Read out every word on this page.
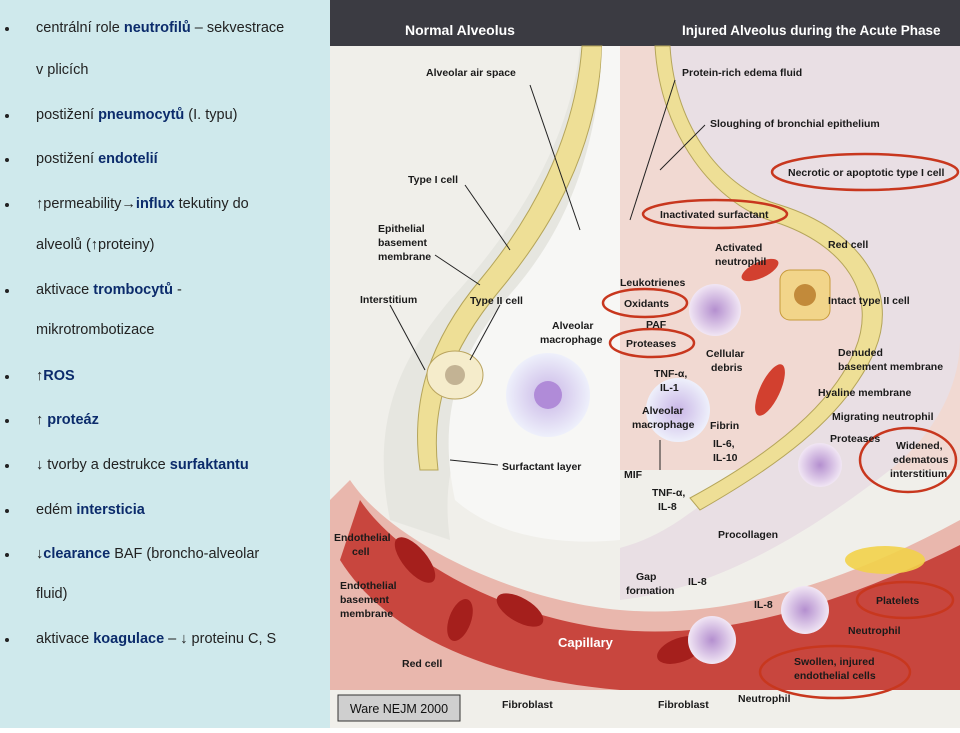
centrální role neutrofilů – sekvestrace
v plicích
postižení pneumocytů (I. typu)
postižení endotelií
↑permeability→influx tekutiny do
alveolů (↑proteiny)
aktivace trombocytů -
mikrotrombotizace
↑ROS
↑ proteáz
↓ tvorby a destrukce surfaktantu
edém intersticia
↓clearance BAF (broncho-alveolar
fluid)
aktivace koagulace – ↓ proteinu C, S
Normal Alveolus	Injured Alveolus during the Acute Phase
Alveolar air space
Type I cell
Epithelial
basement
membrane
Interstitium	Type II cell
Alveolar
macrophage
Surfactant layer
Endothelial
cell
Endothelial
basement
membrane
Capillary
Red cell
Fibroblast
Protein-rich edema fluid
Sloughing of bronchial epithelium
Necrotic or apoptotic type I cell
Inactivated surfactant
Activated
neutrophil
Red cell
Leukotrienes
Oxidants	Intact type II cell
PAF
Proteases
Cellular
debris
Denuded
basement membrane
TNF-α,
IL-1	Hyaline membrane
Alveolar
macrophage
Migrating neutrophil
Fibrin
Proteases
IL-6,
IL-10
Widened,
edematous
interstitium
MIF
TNF-α,
IL-8
Procollagen
Gap
formation
IL-8
IL-8	Platelets
Neutrophil
Swollen, injured
endothelial cells
Neutrophil
Fibroblast
Ware NEJM 2000
